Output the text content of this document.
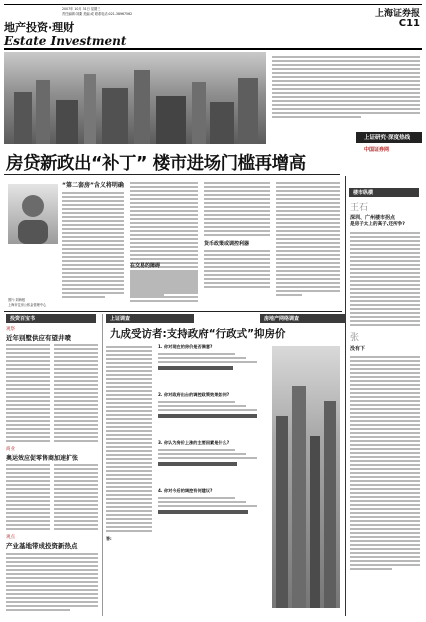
2007年 10月 31日 星期三
责任编辑:刘栗 美编:成 联系电话:021-38967562
地产投资·理财
Estate Investment
上海证券报
C11
上证研究·深度热线
中国证券网
房贷新政出“补丁” 楼市进场门槛再增高
“第二套房”含义将明确
图片:刘海根
上海市住房公积金管理中心
在交易的障碍
货币政策或调控利器
楼市纵横
王石
深圳、广州楼市拐点
是房子太上的高子,还所争?
张
没有下
投资百宝书
观察
近年别墅供应有望井喷
商业
奥运效应促零售商加速扩张
观点
产业基地带成投资新热点
上证调查	房地产网络调查
九成受访者:支持政府“行政式”抑房价
答:
1. 你对现在的房价是否满意?
2. 你对政府出台的调控政策效果如何?
3. 你认为房价上涨的主要因素是什么?
4. 你对今后的调控有何建议?
